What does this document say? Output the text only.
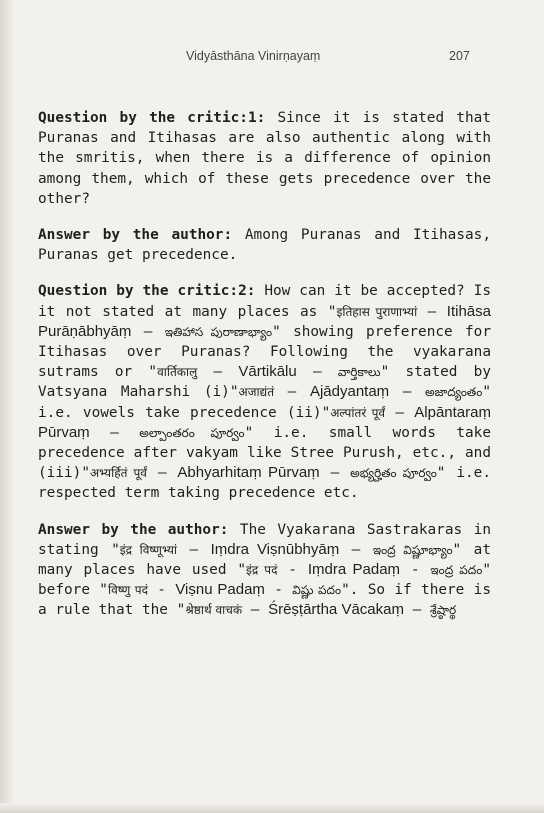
Vidyāsthāna Vinirṇayaṃ	207

Question by the critic:1: Since it is stated that Puranas and Itihasas are also authentic along with the smritis, when there is a difference of opinion among them, which of these gets precedence over the other?

Answer by the author: Among Puranas and Itihasas, Puranas get precedence.

Question by the critic:2: How can it be accepted? Is it not stated at many places as "इतिहास पुराणाभ्यां – Itihāsa Purāṇābhyāṃ – ఇతిహాస పురాణాభ్యాం" showing preference for Itihasas over Puranas? Following the vyakarana sutrams or "वार्तिकालु – Vārtikālu – వార్తికాలు" stated by Vatsyana Maharshi (i)"अजाद्यंतं – Ajādyantaṃ – అజాద్యంతం" i.e. vowels take precedence (ii)"अल्पांतरं पूर्वं – Alpāntaraṃ Pūrvaṃ – అల్పాంతరం పూర్వం" i.e. small words take precedence after vakyam like Stree Purush, etc., and (iii)"अभ्यर्हितं पूर्वं – Abhyarhitaṃ Pūrvaṃ – అభ్యర్హితం పూర్వం" i.e. respected term taking precedence etc.

Answer by the author: The Vyakarana Sastrakaras in stating "इंद्र विष्णूभ्यां – Iṃdra Viṣnūbhyāṃ – ఇంద్ర విష్ణూభ్యాం" at many places have used "इंद्र पदं - Iṃdra Padaṃ - ఇంద్ర పదం" before "विष्णु पदं - Viṣnu Padaṃ - విష్ణు పదం". So if there is a rule that the "श्रेष्ठार्थ वाचकं – Śrēṣṭārtha Vācakaṃ – శ్రేష్ఠార్థ
